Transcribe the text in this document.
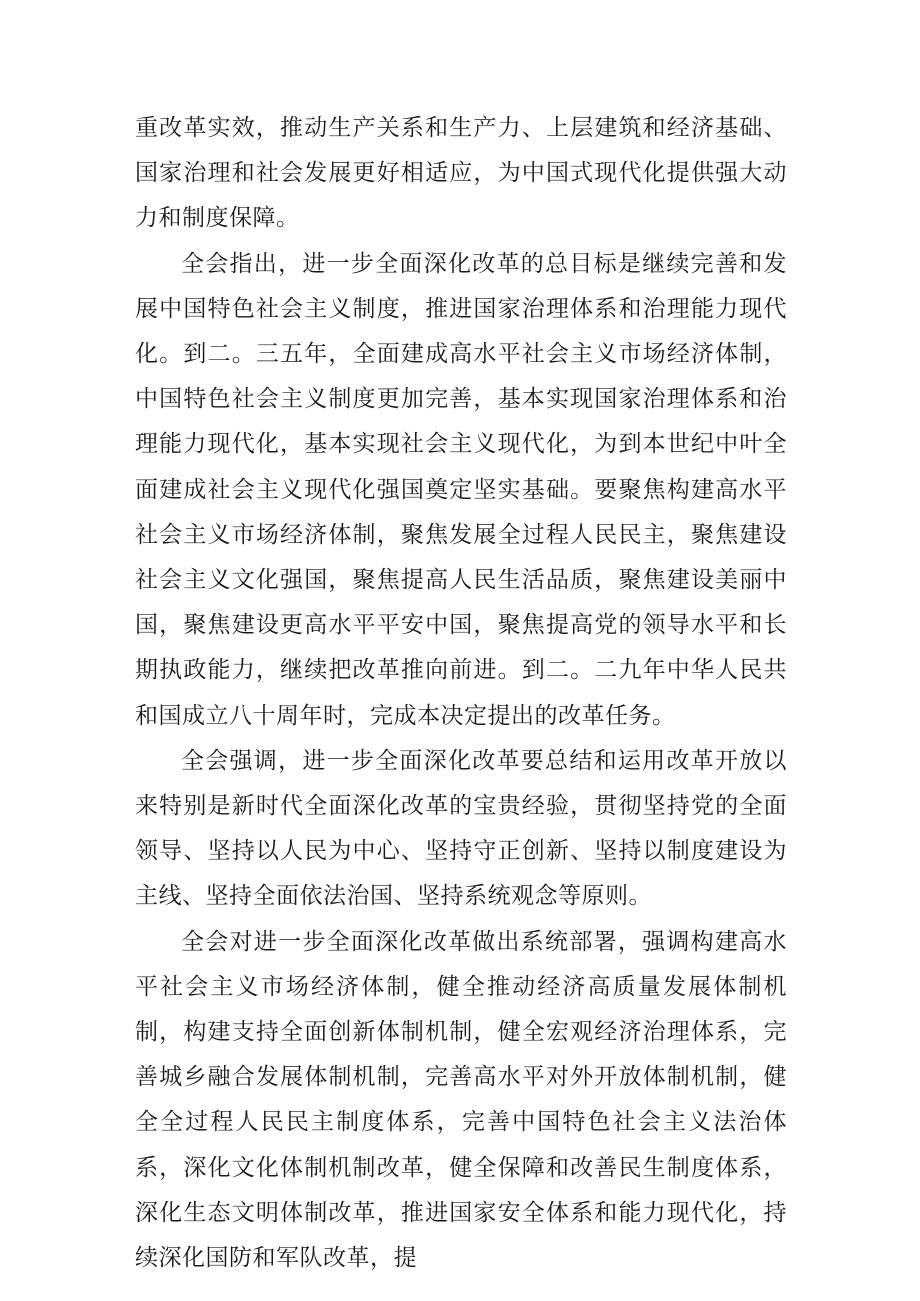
重改革实效，推动生产关系和生产力、上层建筑和经济基础、国家治理和社会发展更好相适应，为中国式现代化提供强大动力和制度保障。

全会指出，进一步全面深化改革的总目标是继续完善和发展中国特色社会主义制度，推进国家治理体系和治理能力现代化。到二。三五年，全面建成高水平社会主义市场经济体制，中国特色社会主义制度更加完善，基本实现国家治理体系和治理能力现代化，基本实现社会主义现代化，为到本世纪中叶全面建成社会主义现代化强国奠定坚实基础。要聚焦构建高水平社会主义市场经济体制，聚焦发展全过程人民民主，聚焦建设社会主义文化强国，聚焦提高人民生活品质，聚焦建设美丽中国，聚焦建设更高水平平安中国，聚焦提高党的领导水平和长期执政能力，继续把改革推向前进。到二。二九年中华人民共和国成立八十周年时，完成本决定提出的改革任务。

全会强调，进一步全面深化改革要总结和运用改革开放以来特别是新时代全面深化改革的宝贵经验，贯彻坚持党的全面领导、坚持以人民为中心、坚持守正创新、坚持以制度建设为主线、坚持全面依法治国、坚持系统观念等原则。

全会对进一步全面深化改革做出系统部署，强调构建高水平社会主义市场经济体制，健全推动经济高质量发展体制机制，构建支持全面创新体制机制，健全宏观经济治理体系，完善城乡融合发展体制机制，完善高水平对外开放体制机制，健全全过程人民民主制度体系，完善中国特色社会主义法治体系，深化文化体制机制改革，健全保障和改善民生制度体系，深化生态文明体制改革，推进国家安全体系和能力现代化，持续深化国防和军队改革，提
